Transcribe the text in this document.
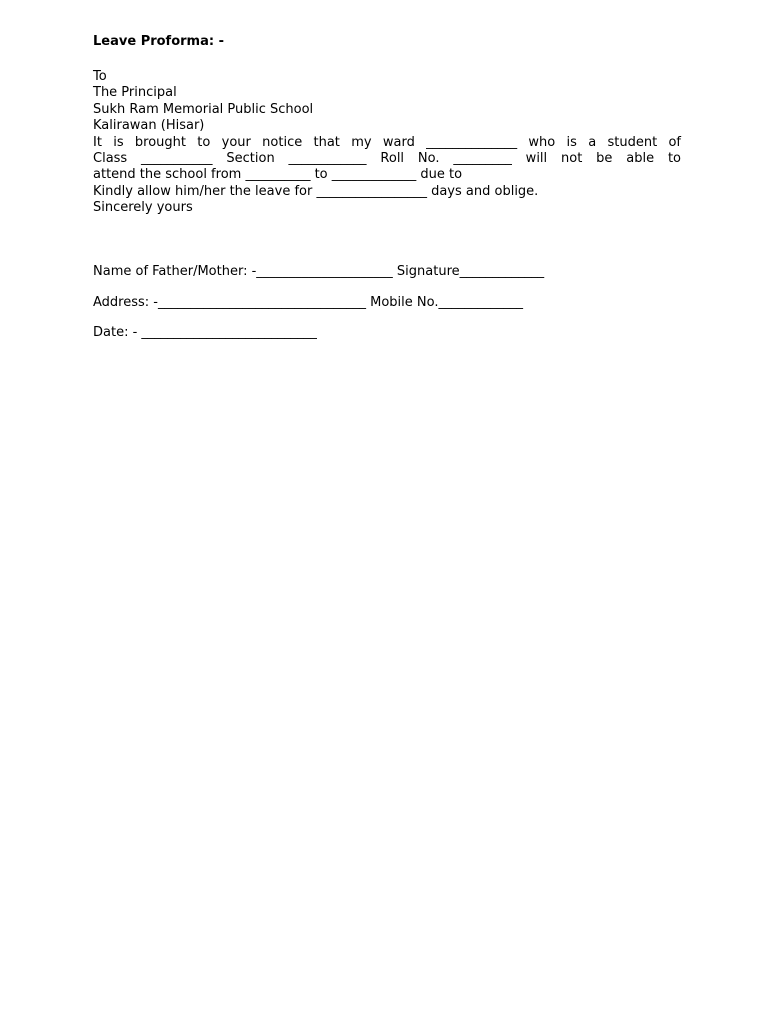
Leave Proforma: -
To
The Principal
Sukh Ram Memorial Public School
Kalirawan (Hisar)
It is brought to your notice that my ward ______________ who is a student of
Class ___________ Section ____________ Roll No. _________ will not be able to
attend the school from __________ to _____________ due to
Kindly allow him/her the leave for _________________ days and oblige.
Sincerely yours
Name of Father/Mother: -_____________________ Signature_____________
Address: -________________________________ Mobile No._____________
Date: - ___________________________
